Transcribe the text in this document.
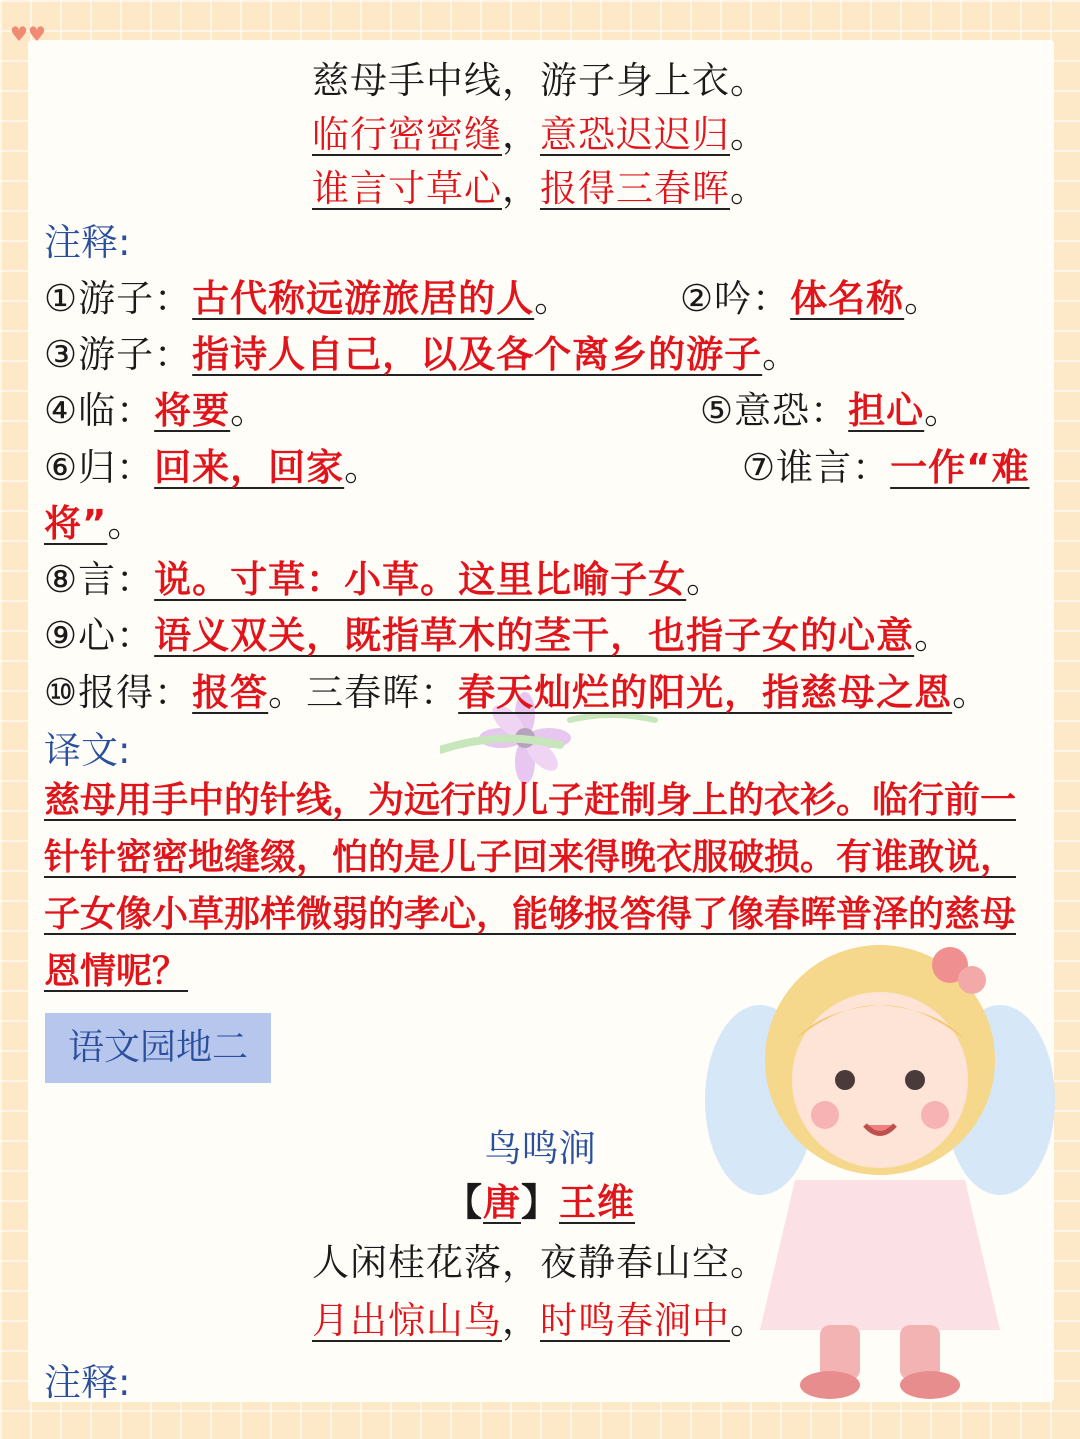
♥♥
慈母手中线，游子身上衣。
临行密密缝，意恐迟迟归。
谁言寸草心，报得三春晖。
注释:
①游子：古代称远游旅居的人。	②吟：体名称。
③游子：指诗人自己，以及各个离乡的游子。
④临：将要。	⑤意恐：担心。
⑥归：回来，回家。	⑦谁言：一作“难
将”。
⑧言：说。寸草：小草。这里比喻子女。
⑨心：语义双关，既指草木的茎干，也指子女的心意。
⑩报得：报答。三春晖：春天灿烂的阳光，指慈母之恩。
译文:
慈母用手中的针线，为远行的儿子赶制身上的衣衫。临行前一针针密密地缝缀，怕的是儿子回来得晚衣服破损。有谁敢说，子女像小草那样微弱的孝心，能够报答得了像春晖普泽的慈母恩情呢？
语文园地二
鸟鸣涧
【唐】王维
人闲桂花落，夜静春山空。
月出惊山鸟，时鸣春涧中。
注释:
